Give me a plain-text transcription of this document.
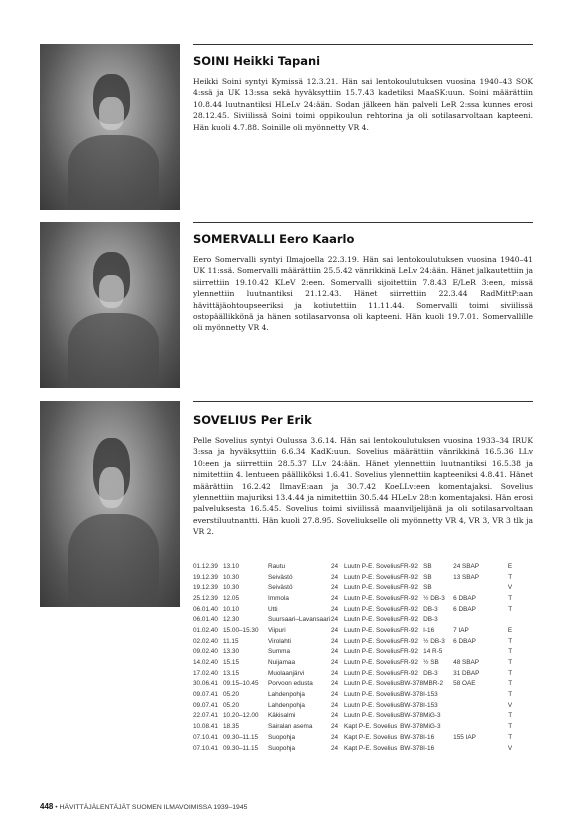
SOINI Heikki Tapani

Heikki Soini syntyi Kymissä 12.3.21. Hän sai lentokoulutuksen vuosina 1940–43 SOK 4:ssä ja UK 13:ssa sekä hyväksyttiin 15.7.43 kadetiksi MaaSK:uun. Soini määrättiin 10.8.44 luutnantiksi HLeLv 24:ään. Sodan jälkeen hän palveli LeR 2:ssa kunnes erosi 28.12.45. Siviilissä Soini toimi oppikoulun rehtorina ja oli sotilasarvoltaan kapteeni. Hän kuoli 4.7.88. Soinille oli myönnetty VR 4.

SOMERVALLI Eero Kaarlo

Eero Somervalli syntyi Ilmajoella 22.3.19. Hän sai lentokoulutuksen vuosina 1940–41 UK 11:ssä. Somervalli määrättiin 25.5.42 vänrikkinä LeLv 24:ään. Hänet jalkautettiin ja siirrettiin 19.10.42 KLeV 2:een. Somervalli sijoitettiin 7.8.43 E/LeR 3:een, missä ylennettiin luutnantiksi 21.12.43. Hänet siirrettiin 22.3.44 RadMittP:aan hävittäjäohtoupseeriksi ja kotiutettiin 11.11.44. Somervalli toimi siviilissä ostopäällikkönä ja hänen sotilasarvonsa oli kapteeni. Hän kuoli 19.7.01. Somervallille oli myönnetty VR 4.

SOVELIUS Per Erik

Pelle Sovelius syntyi Oulussa 3.6.14. Hän sai lentokoulutuksen vuosina 1933–34 IRUK 3:ssa ja hyväksyttiin 6.6.34 KadK:uun. Sovelius määrättiin vänrikkinä 16.5.36 LLv 10:een ja siirrettiin 28.5.37 LLv 24:ään. Hänet ylennettiin luutnantiksi 16.5.38 ja nimitettiin 4. lentueen päälliköksi 1.6.41. Sovelius ylennettiin kapteeniksi 4.8.41. Hänet määrättiin 16.2.42 IlmavE:aan ja 30.7.42 KoeLLv:een komentajaksi. Sovelius ylennettiin majuriksi 13.4.44 ja nimitettiin 30.5.44 HLeLv 28:n komentajaksi. Hän erosi palveluksesta 16.5.45. Sovelius toimi siviilissä maanviljelijänä ja oli sotilasarvoltaan everstiluutnantti. Hän kuoli 27.8.95. Soveliukselle oli myönnetty VR 4, VR 3, VR 3 tlk ja VR 2.

01.12.39	13.10	Rautu	24	Luutn P-E. Sovelius	FR-92	SB	24 SBAP	E
19.12.39	10.30	Seivästö	24	Luutn P-E. Sovelius	FR-92	SB	13 SBAP	T
19.12.39	10.30	Seivästö	24	Luutn P-E. Sovelius	FR-92	SB		V
25.12.39	12.05	Immola	24	Luutn P-E. Sovelius	FR-92	½ DB-3	6 DBAP	T
06.01.40	10.10	Utti	24	Luutn P-E. Sovelius	FR-92	DB-3	6 DBAP	T
06.01.40	12.30	Suursaari–Lavansaari	24	Luutn P-E. Sovelius	FR-92	DB-3		
01.02.40	15.00–15.30	Viipuri	24	Luutn P-E. Sovelius	FR-92	I-16	7 IAP	E
02.02.40	11.15	Virolahti	24	Luutn P-E. Sovelius	FR-92	½ DB-3	6 DBAP	T
09.02.40	13.30	Summa	24	Luutn P-E. Sovelius	FR-92	14 R-5		T
14.02.40	15.15	Nuijamaa	24	Luutn P-E. Sovelius	FR-92	½ SB	48 SBAP	T
17.02.40	13.15	Muolaanjärvi	24	Luutn P-E. Sovelius	FR-92	DB-3	31 DBAP	T
30.06.41	09.15–10.45	Porvoon edusta	24	Luutn P-E. Sovelius	BW-378	MBR-2	58 OAE	T
09.07.41	05.20	Lahdenpohja	24	Luutn P-E. Sovelius	BW-378	I-153		T
09.07.41	05.20	Lahdenpohja	24	Luutn P-E. Sovelius	BW-378	I-153		V
22.07.41	10.20–12.00	Käkisalmi	24	Luutn P-E. Sovelius	BW-378	MiG-3		T
10.08.41	18.35	Sairalan asema	24	Kapt P-E. Sovelius	BW-378	MiG-3		T
07.10.41	09.30–11.15	Suopohja	24	Kapt P-E. Sovelius	BW-378	I-16	155 IAP	T
07.10.41	09.30–11.15	Suopohja	24	Kapt P-E. Sovelius	BW-378	I-16		V
448 • HÄVITTÄJÄLENTÄJÄT SUOMEN ILMAVOIMISSA 1939–1945
